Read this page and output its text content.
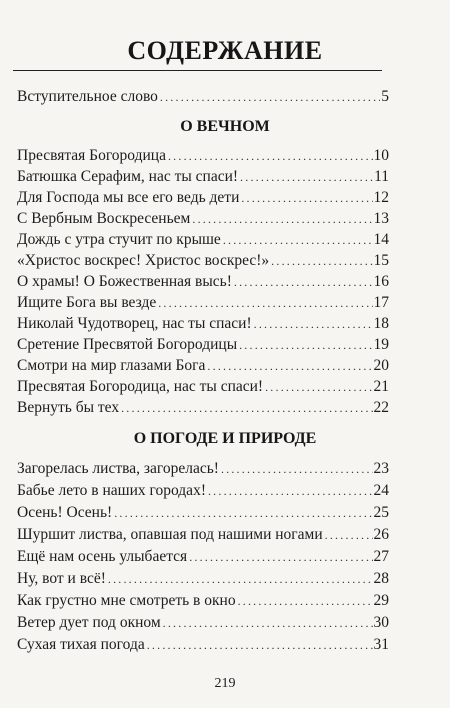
СОДЕРЖАНИЕ
Вступительное слово .....	5
О ВЕЧНОМ
Пресвятая Богородица .....	10
Батюшка Серафим, нас ты спаси! .....	11
Для Господа мы все его ведь дети .....	12
С Вербным Воскресеньем .....	13
Дождь с утра стучит по крыше .....	14
«Христос воскрес! Христос воскрес!» .....	15
О храмы! О Божественная высь! .....	16
Ищите Бога вы везде .....	17
Николай Чудотворец, нас ты спаси! .....	18
Сретение Пресвятой Богородицы .....	19
Смотри на мир глазами Бога .....	20
Пресвятая Богородица, нас ты спаси! .....	21
Вернуть бы тех .....	22
О ПОГОДЕ И ПРИРОДЕ
Загорелась листва, загорелась! .....	23
Бабье лето в наших городах! .....	24
Осень! Осень! .....	25
Шуршит листва, опавшая под нашими ногами .....	26
Ещё нам осень улыбается .....	27
Ну, вот и всё! .....	28
Как грустно мне смотреть в окно .....	29
Ветер дует под окном .....	30
Сухая тихая погода .....	31
219
